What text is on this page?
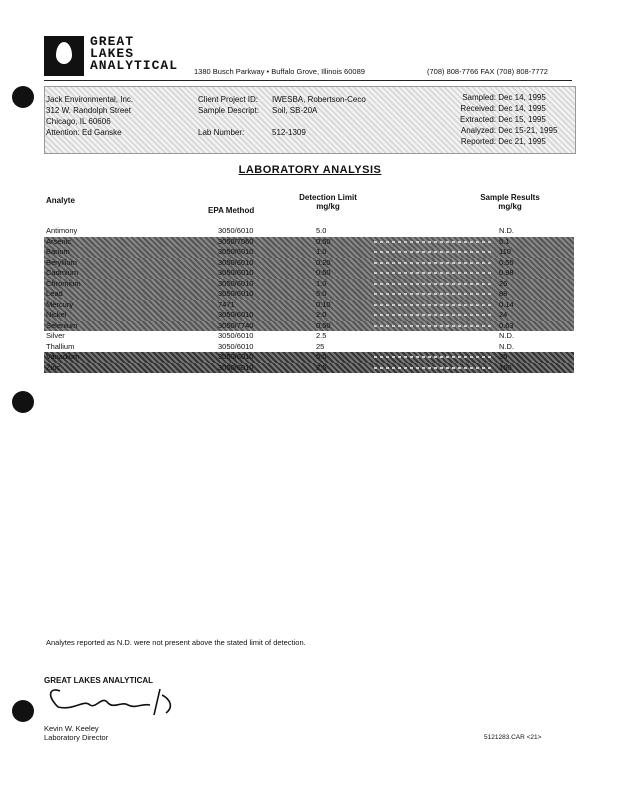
GREAT
LAKES
ANALYTICAL 1380 Busch Parkway • Buffalo Grove, Illinois 60089	(708) 808-7766 FAX (708) 808-7772
Jack Environmental, Inc.
312 W. Randolph Street
Chicago, IL 60606
Attention: Ed Ganske
Client Project ID: IWESBA, Robertson-Ceco
Sample Descript: Soil, SB-20A

Lab Number:	512-1309
Sampled: Dec 14, 1995
Received: Dec 14, 1995
Extracted: Dec 15, 1995
Analyzed: Dec 15-21, 1995
Reported: Dec 21, 1995
LABORATORY ANALYSIS
Analyte
EPA Method
Detection Limit
mg/kg
Sample Results
mg/kg
Antimony	3050/6010	5.0	N.D.
Arsenic	3050/7060	0.50	5.1
Barium	3050/6010	1.0	110
Beryllium	3050/6010	0.20	0.55
Cadmium	3050/6010	0.50	0.98
Chromium	3050/6010	1.0	26
Lead	3050/6010	5.0	88
Mercury	7471	0.10	0.14
Nickel	3050/6010	2.0	24
Selenium	3050/7740	0.50	0.63
Silver	3050/6010	2.5	N.D.
Thallium	3050/6010	25	N.D.
Vanadium	3050/6010	5.0	35
Zinc	3050/6010	2.5	160
Analytes reported as N.D. were not present above the stated limit of detection.
GREAT LAKES ANALYTICAL
Kevin W. Keeley
Laboratory Director	5121283.CAR <21>
